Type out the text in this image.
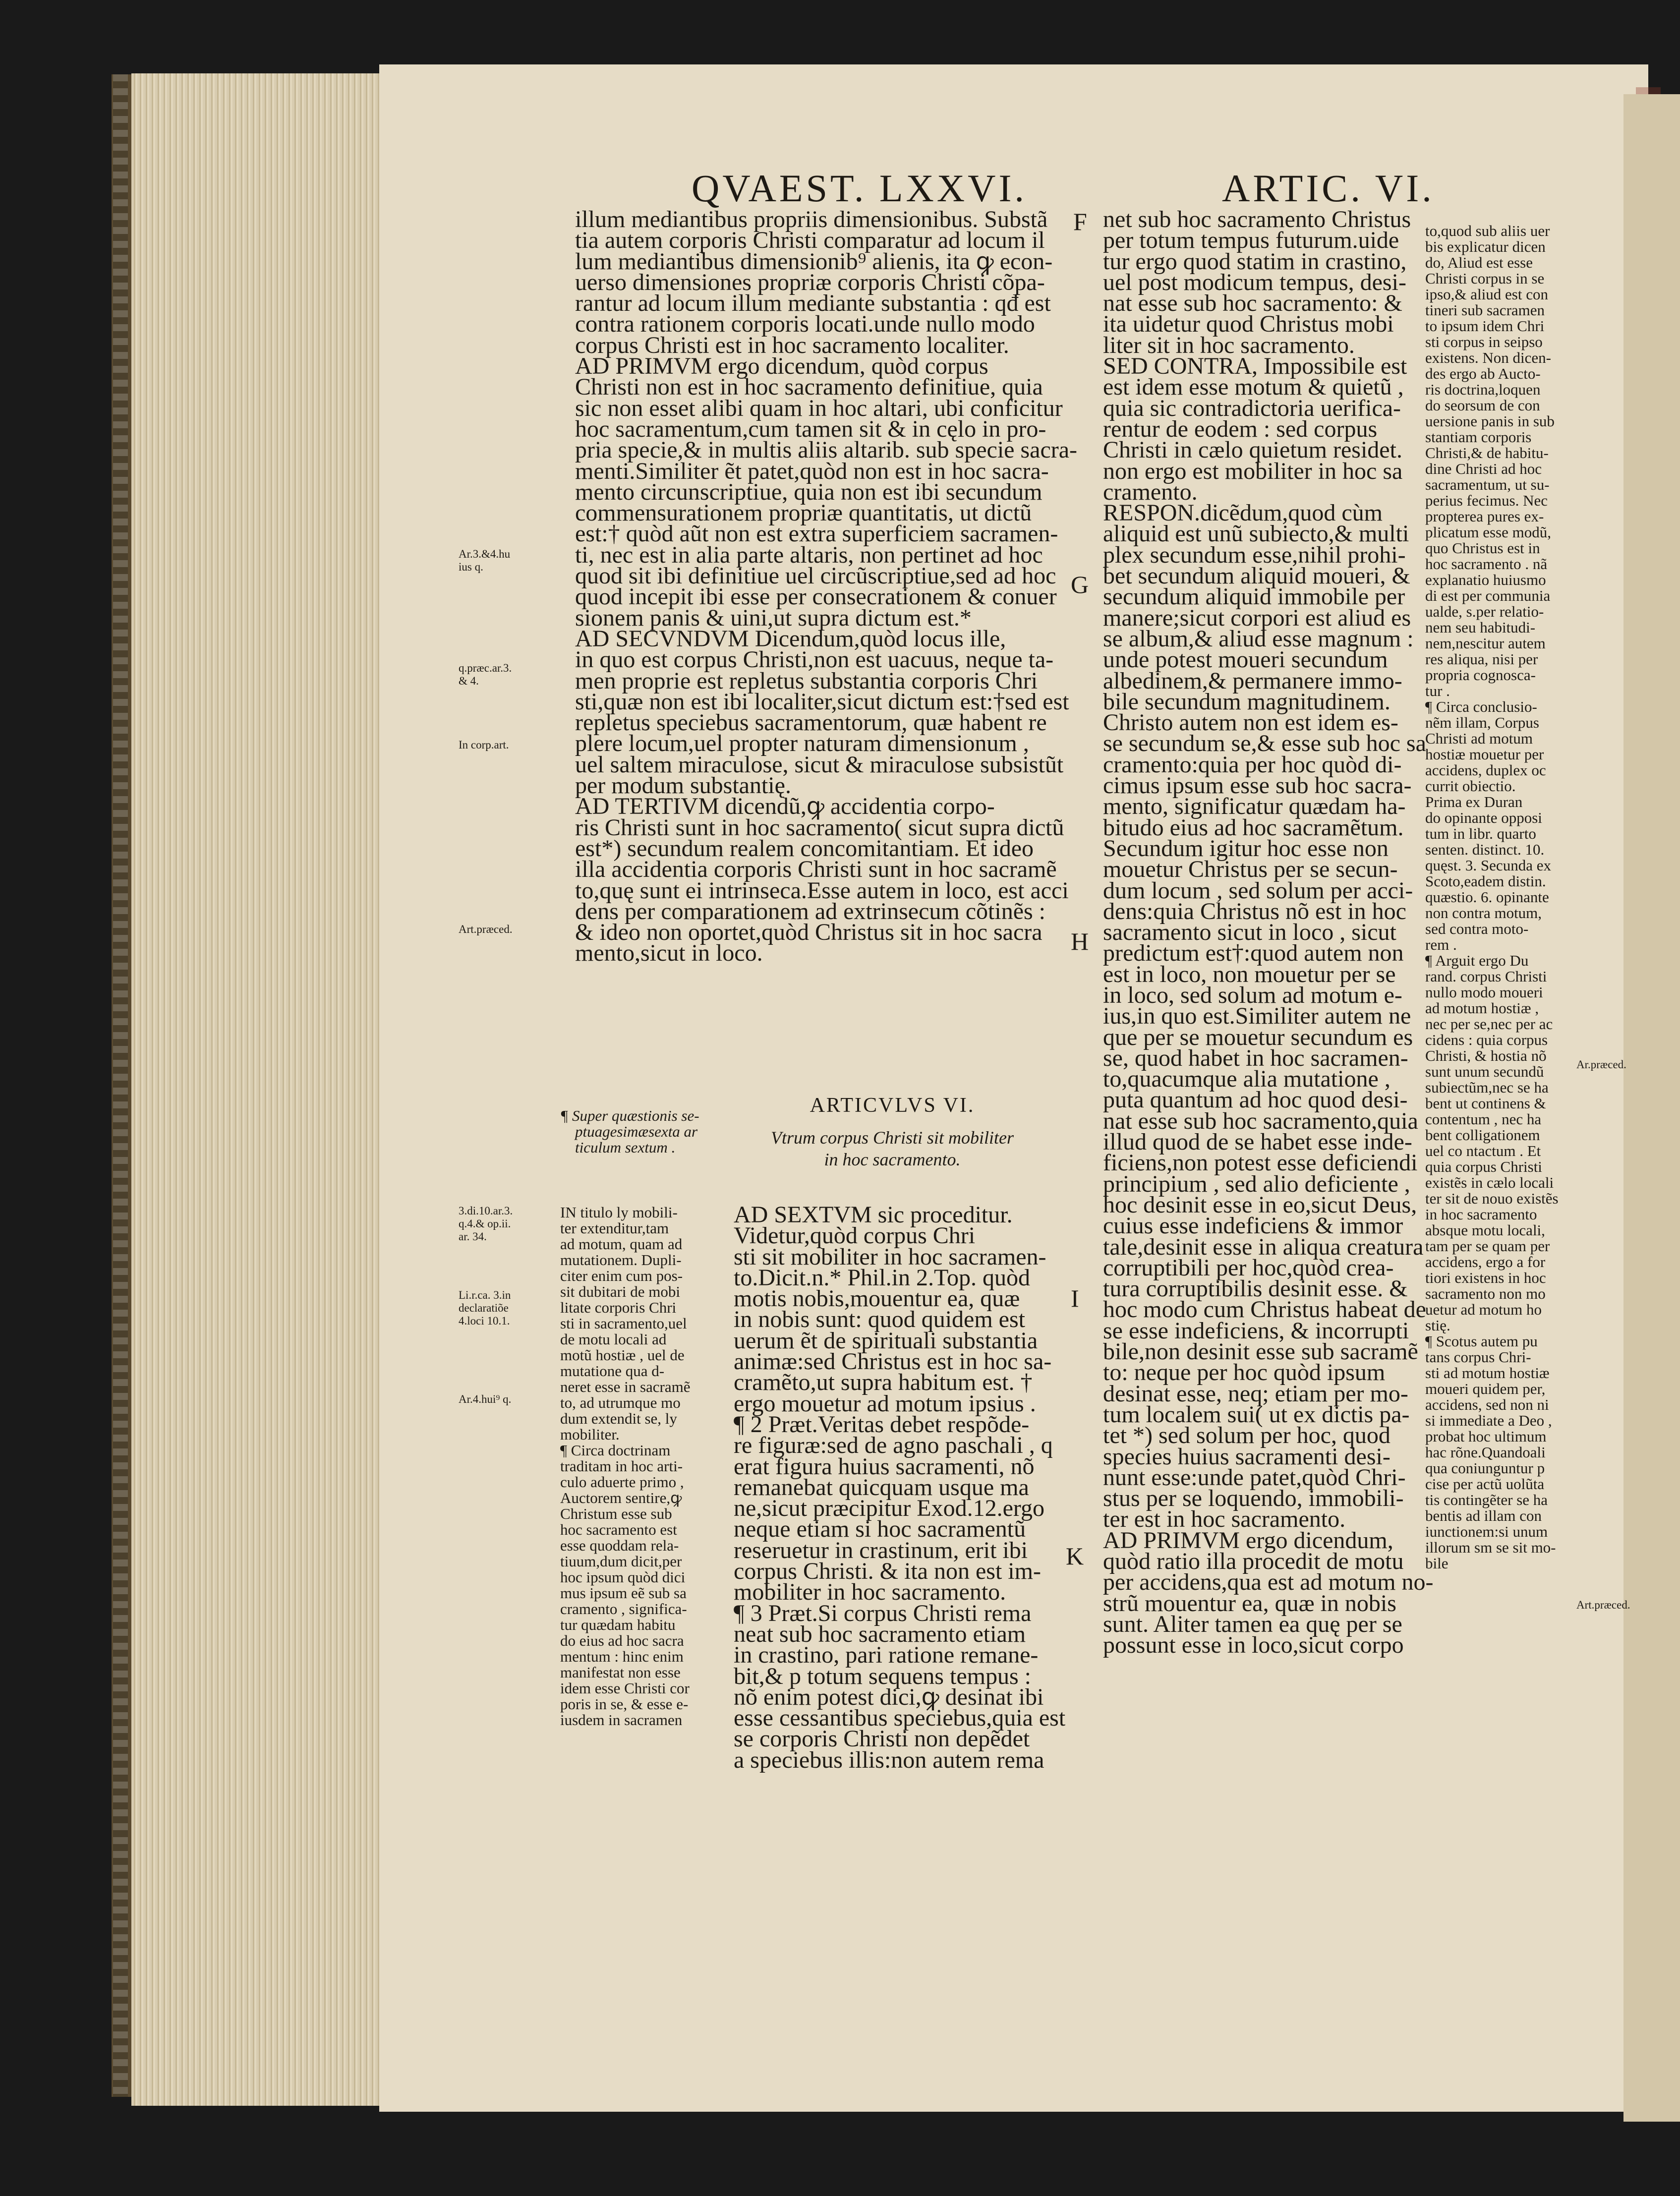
QVAEST. LXXVI.	ARTIC. VI.

illum mediantibus propriis dimensionibus. Substã

tia autem corporis Christi comparatur ad locum il

lum mediantibus dimensionib⁹ alienis, ita ꝙ econ-

uerso dimensiones propriæ corporis Christi cõpa-

rantur ad locum illum mediante substantia : qđ est

contra rationem corporis locati.unde nullo modo

corpus Christi est in hoc sacramento localiter.

AD PRIMVM ergo dicendum, quòd corpus

Christi non est in hoc sacramento definitiue, quia

sic non esset alibi quam in hoc altari, ubi conficitur

hoc sacramentum,cum tamen sit & in cęlo in pro-

pria specie,& in multis aliis altarib. sub specie sacra-

menti.Similiter ẽt patet,quòd non est in hoc sacra-

mento circunscriptiue, quia non est ibi secundum

commensurationem propriæ quantitatis, ut dictũ

est:† quòd aũt non est extra superficiem sacramen-

ti, nec est in alia parte altaris, non pertinet ad hoc

quod sit ibi definitiue uel circũscriptiue,sed ad hoc

quod incepit ibi esse per consecrationem & conuer

sionem panis & uini,ut supra dictum est.*

AD SECVNDVM Dicendum,quòd locus ille,

in quo est corpus Christi,non est uacuus, neque ta-

men proprie est repletus substantia corporis Chri

sti,quæ non est ibi localiter,sicut dictum est:†sed est

repletus speciebus sacramentorum, quæ habent re

plere locum,uel propter naturam dimensionum ,

uel saltem miraculose, sicut & miraculose subsistũt

per modum substantię.

AD TERTIVM dicendũ,ꝙ accidentia corpo-

ris Christi sunt in hoc sacramento( sicut supra dictũ

est*) secundum realem concomitantiam. Et ideo

illa accidentia corporis Christi sunt in hoc sacramẽ

to,quę sunt ei intrinseca.Esse autem in loco, est acci

dens per comparationem ad extrinsecum cõtinẽs :

& ideo non oportet,quòd Christus sit in hoc sacra

mento,sicut in loco.

ARTICVLVS VI.

Vtrum corpus Christi sit mobiliter

in hoc sacramento.

AD SEXTVM sic proceditur.

Videtur,quòd corpus Chri

sti sit mobiliter in hoc sacramen-

to.Dicit.n.* Phil.in 2.Top. quòd

motis nobis,mouentur ea, quæ

in nobis sunt: quod quidem est

uerum ẽt de spirituali substantia

animæ:sed Christus est in hoc sa-

cramẽto,ut supra habitum est. †

ergo mouetur ad motum ipsius .

¶ 2 Præt.Veritas debet respõde-

re figuræ:sed de agno paschali , q

erat figura huius sacramenti, nõ

remanebat quicquam usque ma

ne,sicut præcipitur Exod.12.ergo

neque etiam si hoc sacramentũ

reseruetur in crastinum, erit ibi

corpus Christi. & ita non est im-

mobiliter in hoc sacramento.

¶ 3 Præt.Si corpus Christi rema

neat sub hoc sacramento etiam

in crastino, pari ratione remane-

bit,& p totum sequens tempus :

nõ enim potest dici,ꝙ desinat ibi

esse cessantibus speciebus,quia est

se corporis Christi non depẽdet

a speciebus illis:non autem rema

net sub hoc sacramento Christus

per totum tempus futurum.uide

tur ergo quod statim in crastino,

uel post modicum tempus, desi-

nat esse sub hoc sacramento: &

ita uidetur quod Christus mobi

liter sit in hoc sacramento.

SED CONTRA, Impossibile est

est idem esse motum & quietũ ,

quia sic contradictoria uerifica-

rentur de eodem : sed corpus

Christi in cælo quietum residet.

non ergo est mobiliter in hoc sa

cramento.

RESPON.dicẽdum,quod cùm

aliquid est unũ subiecto,& multi

plex secundum esse,nihil prohi-

bet secundum aliquid moueri, &

secundum aliquid immobile per

manere;sicut corpori est aliud es

se album,& aliud esse magnum :

unde potest moueri secundum

albedinem,& permanere immo-

bile secundum magnitudinem.

Christo autem non est idem es-

se secundum se,& esse sub hoc sa

cramento:quia per hoc quòd di-

cimus ipsum esse sub hoc sacra-

mento, significatur quædam ha-

bitudo eius ad hoc sacramẽtum.

Secundum igitur hoc esse non

mouetur Christus per se secun-

dum locum , sed solum per acci-

dens:quia Christus nõ est in hoc

sacramento sicut in loco , sicut

predictum est†:quod autem non

est in loco, non mouetur per se

in loco, sed solum ad motum e-

ius,in quo est.Similiter autem ne

que per se mouetur secundum es

se, quod habet in hoc sacramen-

to,quacumque alia mutatione ,

puta quantum ad hoc quod desi-

nat esse sub hoc sacramento,quia

illud quod de se habet esse inde-

ficiens,non potest esse deficiendi

principium , sed alio deficiente ,

hoc desinit esse in eo,sicut Deus,

cuius esse indeficiens & immor

tale,desinit esse in aliqua creatura

corruptibili per hoc,quòd crea-

tura corruptibilis desinit esse. &

hoc modo cum Christus habeat de

se esse indeficiens, & incorrupti

bile,non desinit esse sub sacramẽ

to: neque per hoc quòd ipsum

desinat esse, neq; etiam per mo-

tum localem sui( ut ex dictis pa-

tet *) sed solum per hoc, quod

species huius sacramenti desi-

nunt esse:unde patet,quòd Chri-

stus per se loquendo, immobili-

ter est in hoc sacramento.

AD PRIMVM ergo dicendum,

quòd ratio illa procedit de motu

per accidens,qua est ad motum no-

strũ mouentur ea, quæ in nobis

sunt. Aliter tamen ea quę per se

possunt esse in loco,sicut corpo

¶ Super quæstionis se-

ptuagesimæsexta ar

ticulum sextum .

IN titulo ly mobili-

ter extenditur,tam

ad motum, quam ad

mutationem. Dupli-

citer enim cum pos-

sit dubitari de mobi

litate corporis Chri

sti in sacramento,uel

de motu locali ad

motũ hostiæ , uel de

mutatione qua d-

neret esse in sacramẽ

to, ad utrumque mo

dum extendit se, ly

mobiliter.

¶ Circa doctrinam

traditam in hoc arti-

culo aduerte primo ,

Auctorem sentire,ꝙ

Christum esse sub

hoc sacramento est

esse quoddam rela-

tiuum,dum dicit,per

hoc ipsum quòd dici

mus ipsum eẽ sub sa

cramento , significa-

tur quædam habitu

do eius ad hoc sacra

mentum : hinc enim

manifestat non esse

idem esse Christi cor

poris in se, & esse e-

iusdem in sacramen

to,quod sub aliis uer

bis explicatur dicen

do, Aliud est esse

Christi corpus in se

ipso,& aliud est con

tineri sub sacramen

to ipsum idem Chri

sti corpus in seipso

existens. Non dicen-

des ergo ab Aucto-

ris doctrina,loquen

do seorsum de con

uersione panis in sub

stantiam corporis

Christi,& de habitu-

dine Christi ad hoc

sacramentum, ut su-

perius fecimus. Nec

propterea pures ex-

plicatum esse modũ,

quo Christus est in

hoc sacramento . nã

explanatio huiusmo

di est per communia

ualde, s.per relatio-

nem seu habitudi-

nem,nescitur autem

res aliqua, nisi per

propria cognosca-

tur .

¶ Circa conclusio-

nẽm illam, Corpus

Christi ad motum

hostiæ mouetur per

accidens, duplex oc

currit obiectio.

Prima ex Duran

do opinante opposi

tum in libr. quarto

senten. distinct. 10.

quęst. 3. Secunda ex

Scoto,eadem distin.

quæstio. 6. opinante

non contra motum,

sed contra moto-

rem .

¶ Arguit ergo Du

rand. corpus Christi

nullo modo moueri

ad motum hostiæ ,

nec per se,nec per ac

cidens : quia corpus

Christi, & hostia nõ

sunt unum secundũ

subiectũm,nec se ha

bent ut continens &

contentum , nec ha

bent colligationem

uel co ntactum . Et

quia corpus Christi

existẽs in cælo locali

ter sit de nouo existẽs

in hoc sacramento

absque motu locali,

tam per se quam per

accidens, ergo a for

tiori existens in hoc

sacramento non mo

uetur ad motum ho

stię.

¶ Scotus autem pu

tans corpus Chri-

sti ad motum hostiæ

moueri quidem per,

accidens, sed non ni

si immediate a Deo ,

probat hoc ultimum

hac rõne.Quandoali

qua coniunguntur p

cise per actũ uolũta

tis contingẽter se ha

bentis ad illam con

iunctionem:si unum

illorum sm se sit mo-

bile

Ar.3.&4.hu
ius q.
q.præc.ar.3.
& 4.
In corp.art.
Art.præced.
3.di.10.ar.3.
q.4.& op.ii.
ar. 34.
Li.r.ca. 3.in
declaratiõe
4.loci 10.1.
Ar.4.hui⁹ q.
Ar.præced.
Art.præced.
F
G
H
I
K
